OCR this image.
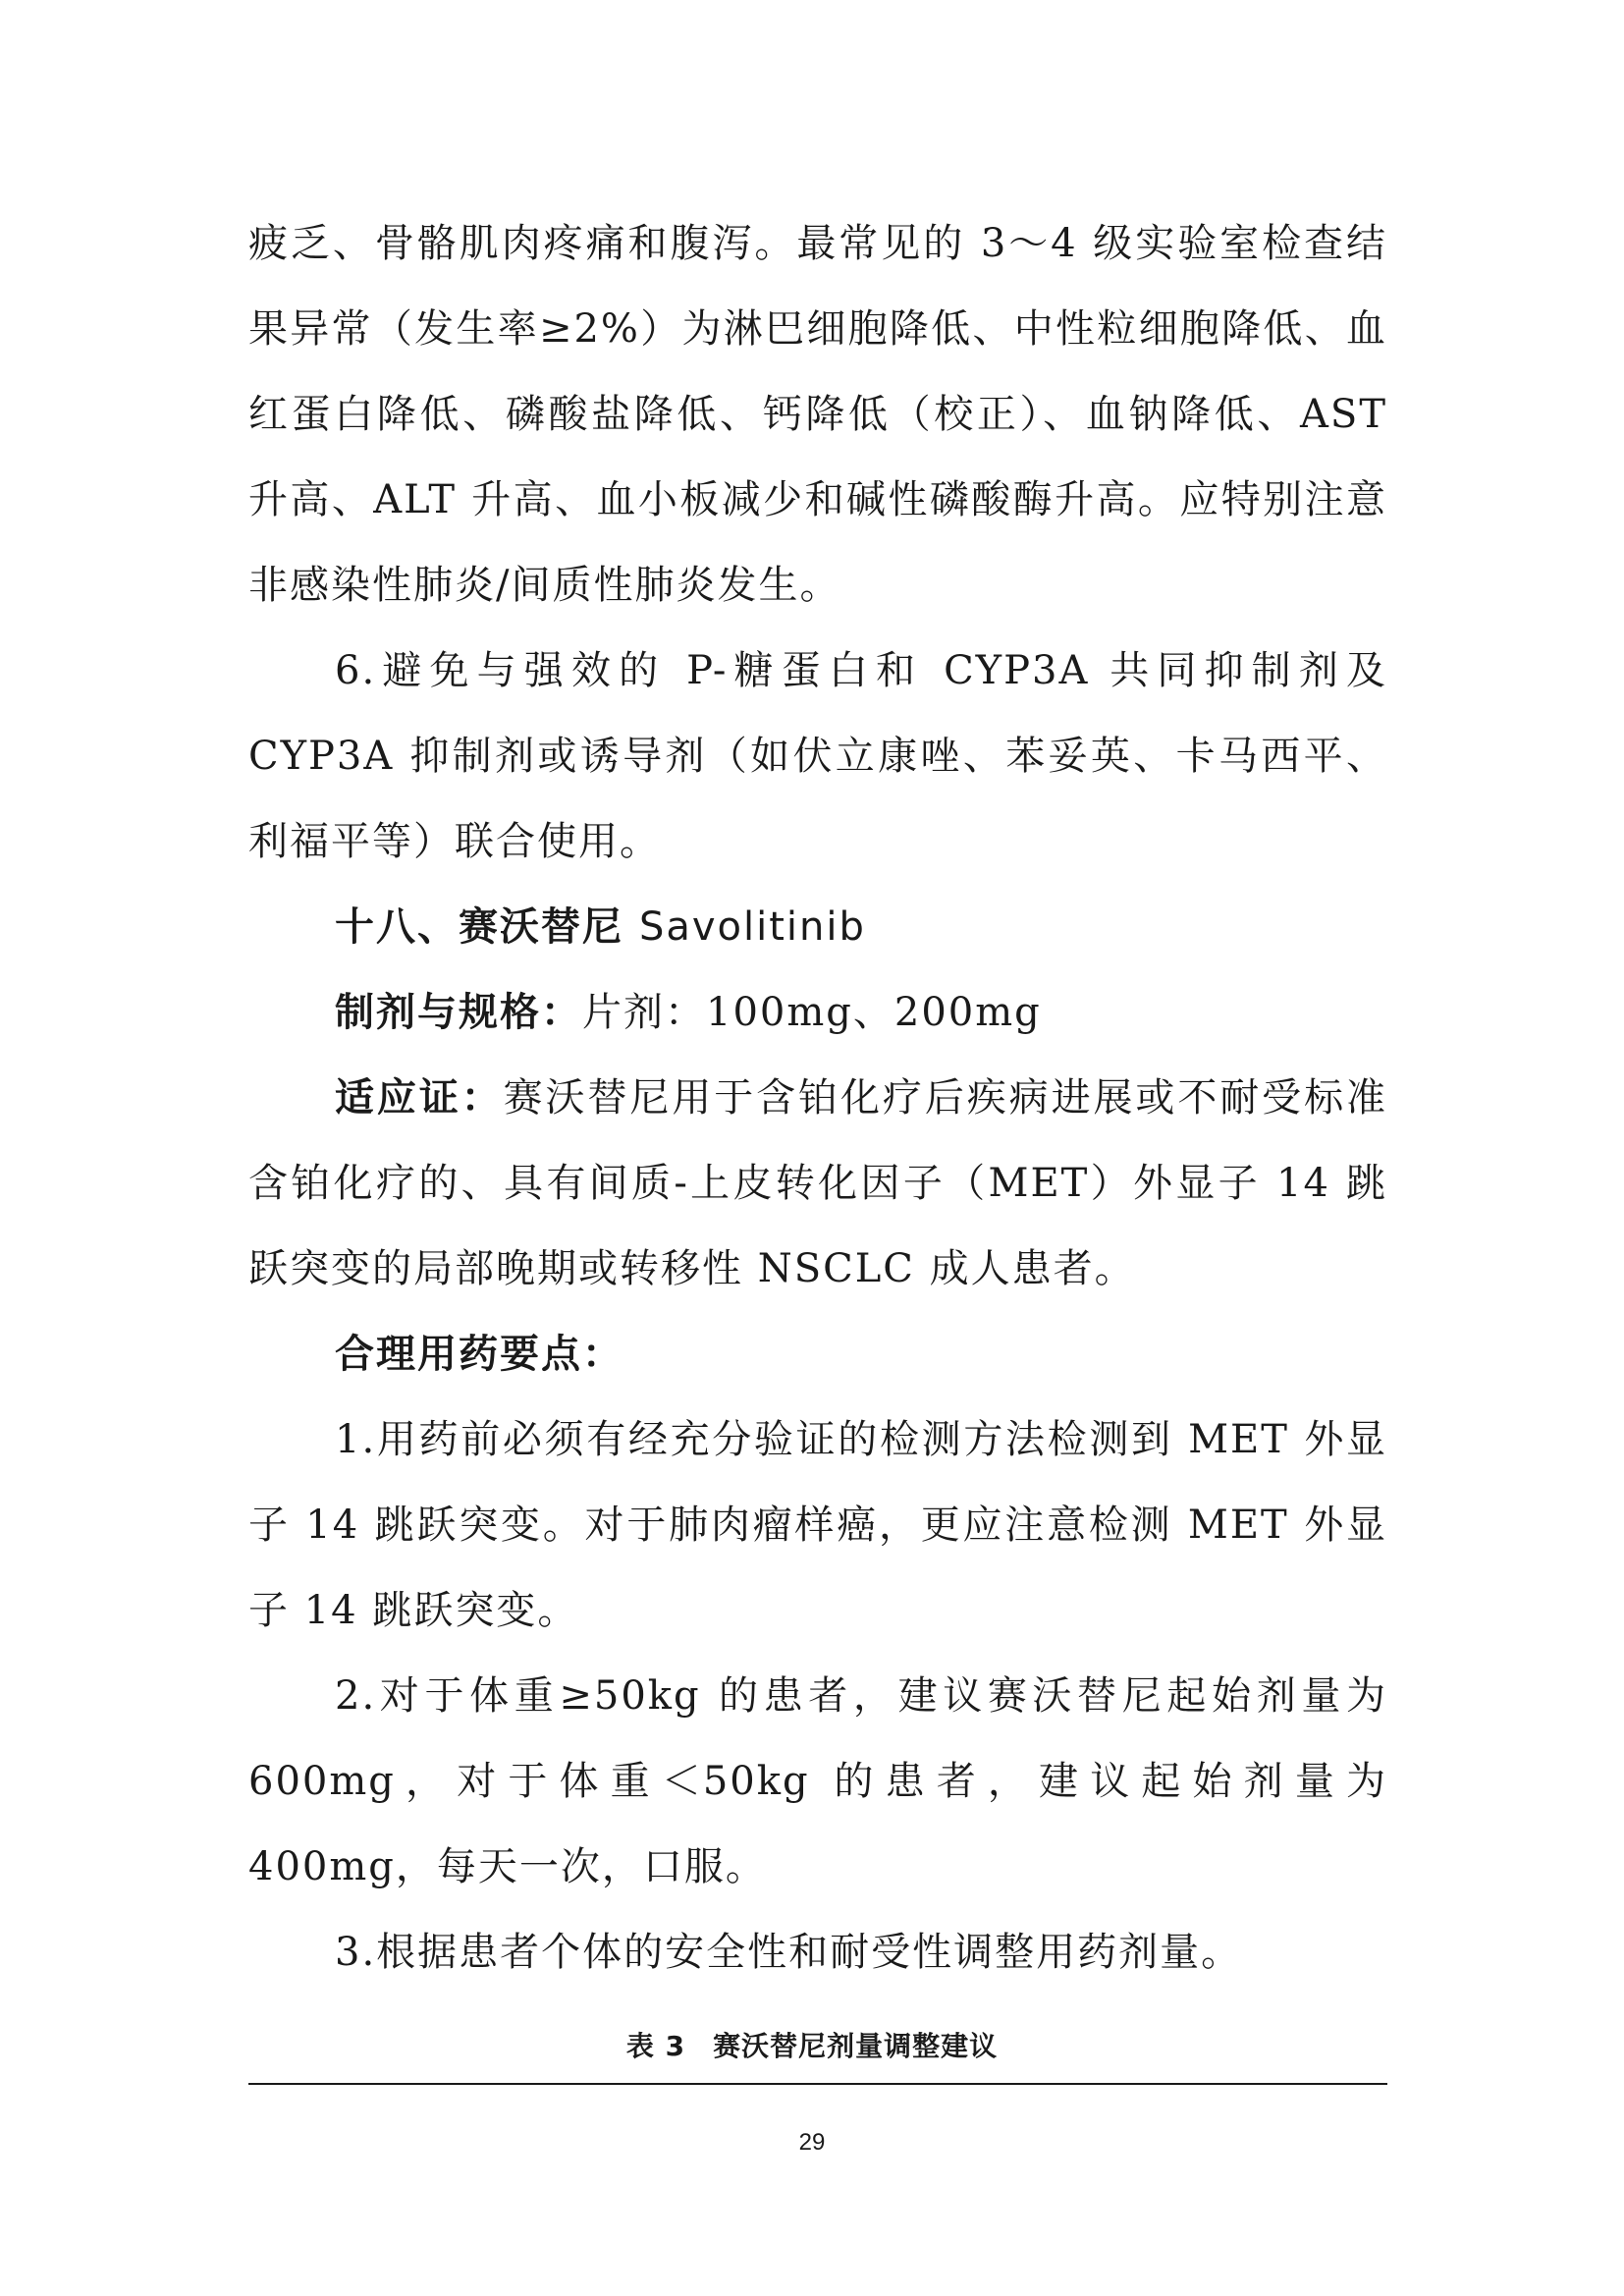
疲乏、骨骼肌肉疼痛和腹泻。最常见的 3～4 级实验室检查结果异常（发生率≥2%）为淋巴细胞降低、中性粒细胞降低、血红蛋白降低、磷酸盐降低、钙降低（校正）、血钠降低、AST 升高、ALT 升高、血小板减少和碱性磷酸酶升高。应特别注意非感染性肺炎/间质性肺炎发生。

6.避免与强效的 P-糖蛋白和 CYP3A 共同抑制剂及 CYP3A 抑制剂或诱导剂（如伏立康唑、苯妥英、卡马西平、利福平等）联合使用。

十八、赛沃替尼 Savolitinib

制剂与规格：片剂：100mg、200mg

适应证：赛沃替尼用于含铂化疗后疾病进展或不耐受标准含铂化疗的、具有间质-上皮转化因子（MET）外显子 14 跳跃突变的局部晚期或转移性 NSCLC 成人患者。

合理用药要点：

1.用药前必须有经充分验证的检测方法检测到 MET 外显子 14 跳跃突变。对于肺肉瘤样癌，更应注意检测 MET 外显子 14 跳跃突变。

2.对于体重≥50kg 的患者，建议赛沃替尼起始剂量为 600mg，对于体重＜50kg 的患者，建议起始剂量为 400mg，每天一次，口服。

3.根据患者个体的安全性和耐受性调整用药剂量。

表 3 赛沃替尼剂量调整建议
29
